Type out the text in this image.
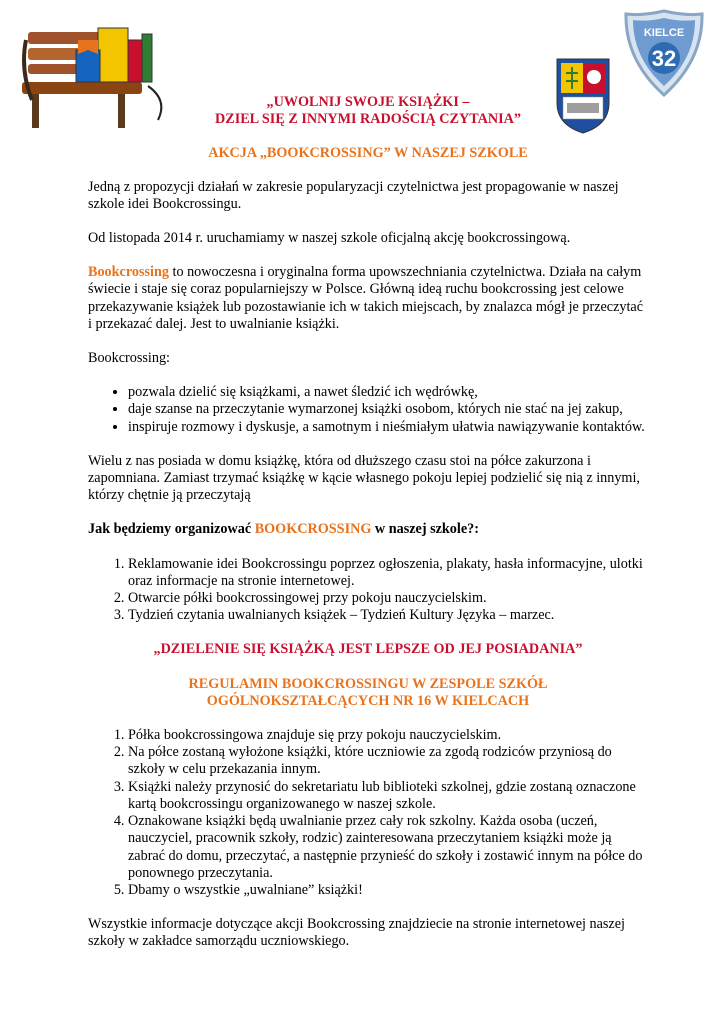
KIELCE
32

„UWOLNIJ SWOJE KSIĄŻKI –
DZIEL SIĘ Z INNYMI RADOŚCIĄ CZYTANIA”

AKCJA „BOOKCROSSING” W NASZEJ SZKOLE

Jedną z propozycji działań w zakresie popularyzacji czytelnictwa jest propagowanie w naszej szkole idei Bookcrossingu.

Od listopada 2014 r. uruchamiamy w naszej szkole oficjalną akcję bookcrossingową.

Bookcrossing to nowoczesna i oryginalna forma upowszechniania czytelnictwa. Działa na całym świecie i staje się coraz popularniejszy w Polsce. Główną ideą ruchu bookcrossing jest celowe przekazywanie książek lub pozostawianie ich w takich miejscach, by znalazca mógł je przeczytać i przekazać dalej. Jest to uwalnianie książki.

Bookcrossing:

• pozwala dzielić się książkami, a nawet śledzić ich wędrówkę,
• daje szanse na przeczytanie wymarzonej książki osobom, których nie stać na jej zakup,
• inspiruje rozmowy i dyskusje, a samotnym i nieśmiałym ułatwia nawiązywanie kontaktów.

Wielu z nas posiada w domu książkę, która od dłuższego czasu stoi na półce zakurzona i zapomniana. Zamiast trzymać książkę w kącie własnego pokoju lepiej podzielić się nią z innymi, którzy chętnie ją przeczytają

Jak będziemy organizować BOOKCROSSING w naszej szkole?:

1. Reklamowanie idei Bookcrossingu poprzez ogłoszenia, plakaty, hasła informacyjne, ulotki oraz informacje na stronie internetowej.
2. Otwarcie półki bookcrossingowej przy pokoju nauczycielskim.
3. Tydzień czytania uwalnianych książek – Tydzień Kultury Języka – marzec.

„DZIELENIE SIĘ KSIĄŻKĄ JEST LEPSZE OD JEJ POSIADANIA”

REGULAMIN BOOKCROSSINGU W ZESPOLE SZKÓŁ
OGÓLNOKSZTAŁCĄCYCH NR 16 W KIELCACH

1. Półka bookcrossingowa znajduje się przy pokoju nauczycielskim.
2. Na półce zostaną wyłożone książki, które uczniowie za zgodą rodziców przyniosą do szkoły w celu przekazania innym.
3. Książki należy przynosić do sekretariatu lub biblioteki szkolnej, gdzie zostaną oznaczone kartą bookcrossingu organizowanego w naszej szkole.
4. Oznakowane książki będą uwalnianie przez cały rok szkolny. Każda osoba (uczeń, nauczyciel, pracownik szkoły, rodzic) zainteresowana przeczytaniem książki może ją zabrać do domu, przeczytać, a następnie przynieść do szkoły i zostawić innym na półce do ponownego przeczytania.
5. Dbamy o wszystkie „uwalniane” książki!

Wszystkie informacje dotyczące akcji Bookcrossing znajdziecie na stronie internetowej naszej szkoły w zakładce samorządu uczniowskiego.
